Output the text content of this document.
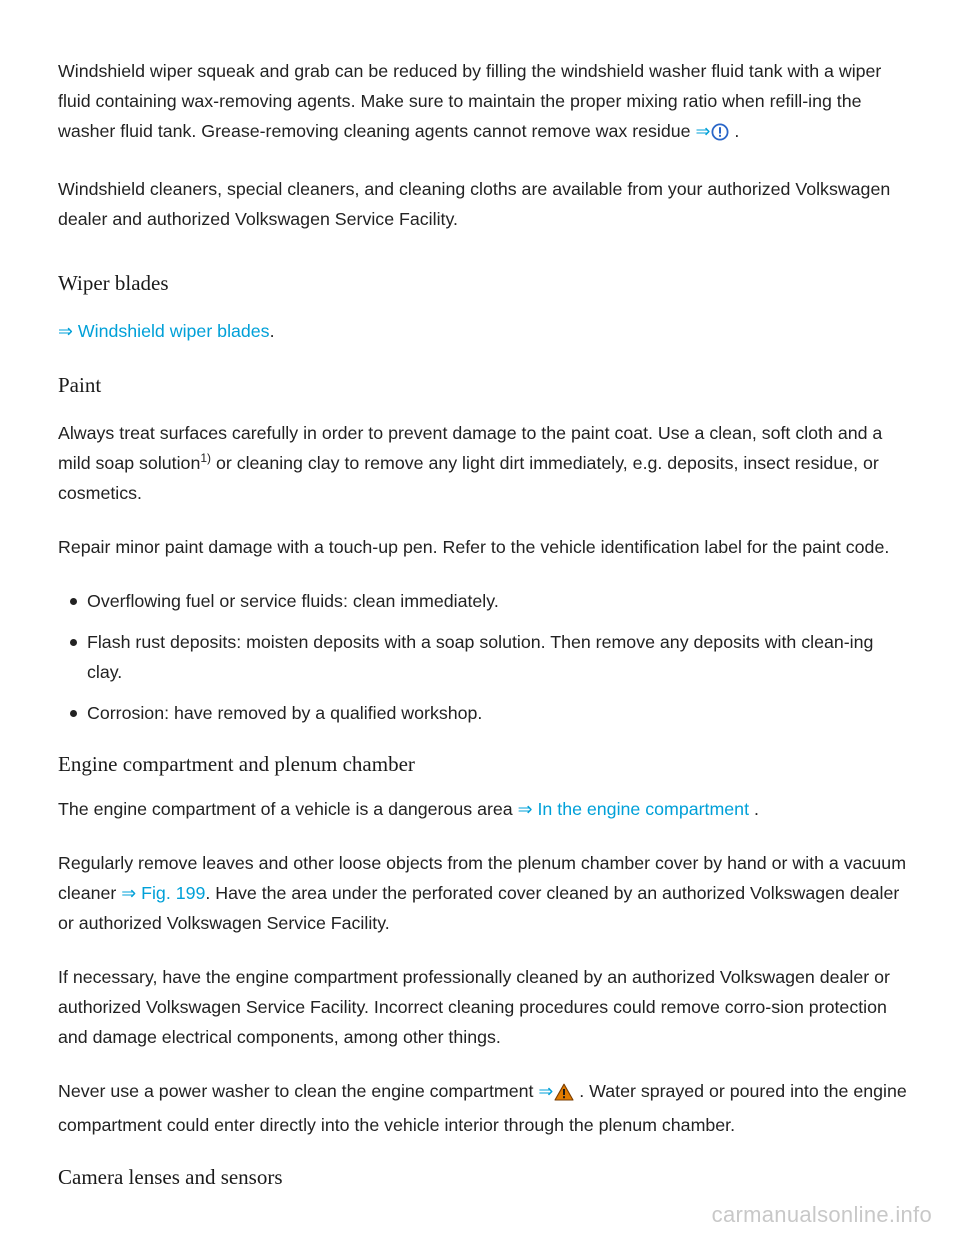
Windshield wiper squeak and grab can be reduced by filling the windshield washer fluid tank with a wiper fluid containing wax-removing agents. Make sure to maintain the proper mixing ratio when refill-ing the washer fluid tank. Grease-removing cleaning agents cannot remove wax residue ⇒ .

Windshield cleaners, special cleaners, and cleaning cloths are available from your authorized Volkswagen dealer and authorized Volkswagen Service Facility.

Wiper blades

⇒ Windshield wiper blades.

Paint

Always treat surfaces carefully in order to prevent damage to the paint coat. Use a clean, soft cloth and a mild soap solution$^{1)}$ or cleaning clay to remove any light dirt immediately, e.g. deposits, insect residue, or cosmetics.

Repair minor paint damage with a touch-up pen. Refer to the vehicle identification label for the paint code.

Overflowing fuel or service fluids: clean immediately.
Flash rust deposits: moisten deposits with a soap solution. Then remove any deposits with clean-ing clay.
Corrosion: have removed by a qualified workshop.
Engine compartment and plenum chamber

The engine compartment of a vehicle is a dangerous area ⇒ In the engine compartment .

Regularly remove leaves and other loose objects from the plenum chamber cover by hand or with a vacuum cleaner ⇒ Fig. 199. Have the area under the perforated cover cleaned by an authorized Volkswagen dealer or authorized Volkswagen Service Facility.

If necessary, have the engine compartment professionally cleaned by an authorized Volkswagen dealer or authorized Volkswagen Service Facility. Incorrect cleaning procedures could remove corro-sion protection and damage electrical components, among other things.

Never use a power washer to clean the engine compartment ⇒ . Water sprayed or poured into the engine compartment could enter directly into the vehicle interior through the plenum chamber.

Camera lenses and sensors
carmanualsonline.info
